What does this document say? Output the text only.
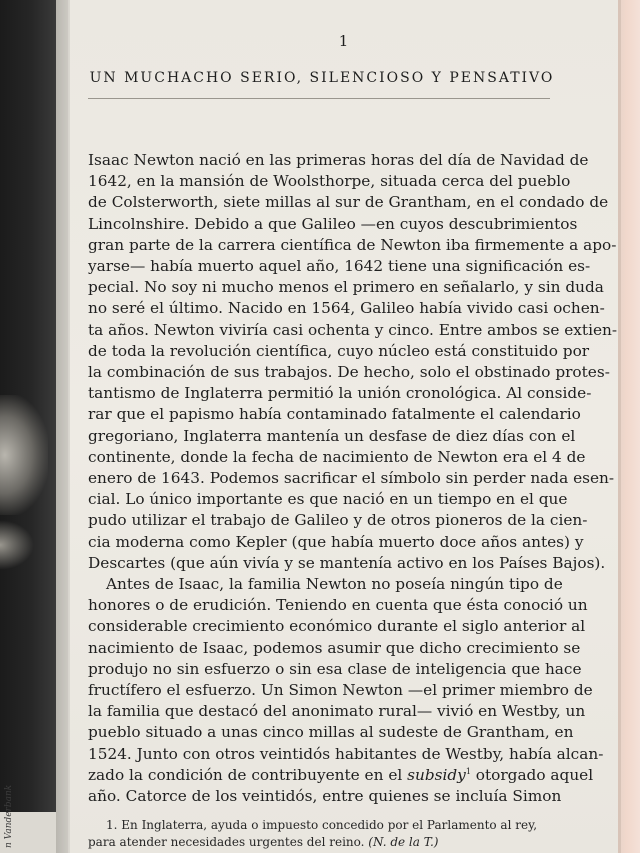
n Vanderbank
1
UN MUCHACHO SERIO, SILENCIOSO Y PENSATIVO
Isaac Newton nació en las primeras horas del día de Navidad de
1642, en la mansión de Woolsthorpe, situada cerca del pueblo
de Colsterworth, siete millas al sur de Grantham, en el condado de
Lincolnshire. Debido a que Galileo —en cuyos descubrimientos
gran parte de la carrera científica de Newton iba firmemente a apo-
yarse— había muerto aquel año, 1642 tiene una significación es-
pecial. No soy ni mucho menos el primero en señalarlo, y sin duda
no seré el último. Nacido en 1564, Galileo había vivido casi ochen-
ta años. Newton viviría casi ochenta y cinco. Entre ambos se extien-
de toda la revolución científica, cuyo núcleo está constituido por
la combinación de sus trabajos. De hecho, solo el obstinado protes-
tantismo de Inglaterra permitió la unión cronológica. Al conside-
rar que el papismo había contaminado fatalmente el calendario
gregoriano, Inglaterra mantenía un desfase de diez días con el
continente, donde la fecha de nacimiento de Newton era el 4 de
enero de 1643. Podemos sacrificar el símbolo sin perder nada esen-
cial. Lo único importante es que nació en un tiempo en el que
pudo utilizar el trabajo de Galileo y de otros pioneros de la cien-
cia moderna como Kepler (que había muerto doce años antes) y
Descartes (que aún vivía y se mantenía activo en los Países Bajos).
Antes de Isaac, la familia Newton no poseía ningún tipo de
honores o de erudición. Teniendo en cuenta que ésta conoció un
considerable crecimiento económico durante el siglo anterior al
nacimiento de Isaac, podemos asumir que dicho crecimiento se
produjo no sin esfuerzo o sin esa clase de inteligencia que hace
fructífero el esfuerzo. Un Simon Newton —el primer miembro de
la familia que destacó del anonimato rural— vivió en Westby, un
pueblo situado a unas cinco millas al sudeste de Grantham, en
1524. Junto con otros veintidós habitantes de Westby, había alcan-
zado la condición de contribuyente en el subsidy$^1$ otorgado aquel
año. Catorce de los veintidós, entre quienes se incluía Simon
1. En Inglaterra, ayuda o impuesto concedido por el Parlamento al rey,
para atender necesidades urgentes del reino. (N. de la T.)
